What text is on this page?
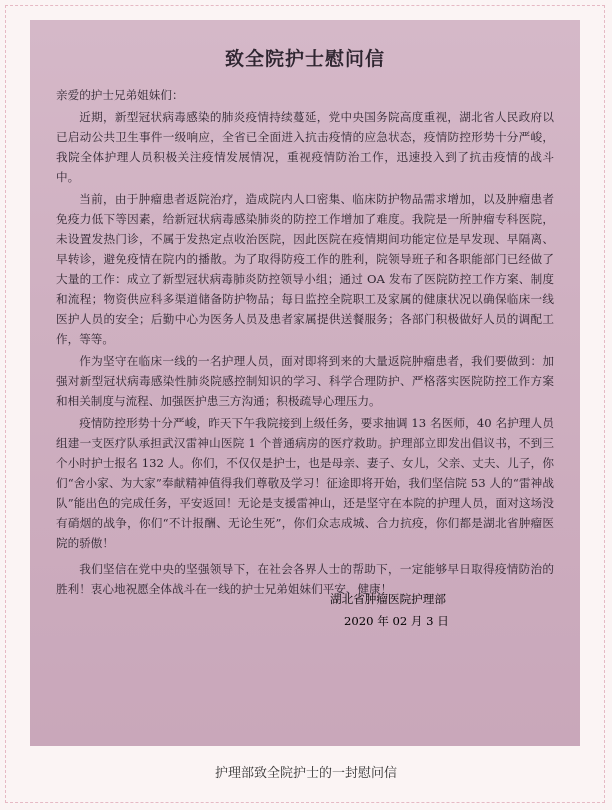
致全院护士慰问信

亲爱的护士兄弟姐妹们：

近期，新型冠状病毒感染的肺炎疫情持续蔓延，党中央国务院高度重视，湖北省人民政府以已启动公共卫生事件一级响应，全省已全面进入抗击疫情的应急状态，疫情防控形势十分严峻，我院全体护理人员积极关注疫情发展情况，重视疫情防治工作，迅速投入到了抗击疫情的战斗中。

当前，由于肿瘤患者返院治疗，造成院内人口密集、临床防护物品需求增加，以及肿瘤患者免疫力低下等因素，给新冠状病毒感染肺炎的防控工作增加了难度。我院是一所肿瘤专科医院，未设置发热门诊，不属于发热定点收治医院，因此医院在疫情期间功能定位是早发现、早隔离、早转诊，避免疫情在院内的播散。为了取得防疫工作的胜利，院领导班子和各职能部门已经做了大量的工作：成立了新型冠状病毒肺炎防控领导小组；通过 OA 发布了医院防控工作方案、制度和流程；物资供应科多渠道储备防护物品；每日监控全院职工及家属的健康状况以确保临床一线医护人员的安全；后勤中心为医务人员及患者家属提供送餐服务；各部门积极做好人员的调配工作，等等。

作为坚守在临床一线的一名护理人员，面对即将到来的大量返院肿瘤患者，我们要做到：加强对新型冠状病毒感染性肺炎院感控制知识的学习、科学合理防护、严格落实医院防控工作方案和相关制度与流程、加强医护患三方沟通；积极疏导心理压力。

疫情防控形势十分严峻，昨天下午我院接到上级任务，要求抽调 13 名医师，40 名护理人员组建一支医疗队承担武汉雷神山医院 1 个普通病房的医疗救助。护理部立即发出倡议书，不到三个小时护士报名 132 人。你们，不仅仅是护士，也是母亲、妻子、女儿，父亲、丈夫、儿子，你们“舍小家、为大家”奉献精神值得我们尊敬及学习！征途即将开始，我们坚信院 53 人的“雷神战队”能出色的完成任务，平安返回！无论是支援雷神山，还是坚守在本院的护理人员，面对这场没有硝烟的战争，你们“不计报酬、无论生死”，你们众志成城、合力抗疫，你们都是湖北省肿瘤医院的骄傲！

我们坚信在党中央的坚强领导下，在社会各界人士的帮助下，一定能够早日取得疫情防治的胜利！衷心地祝愿全体战斗在一线的护士兄弟姐妹们平安、健康！

湖北省肿瘤医院护理部
2020 年 02 月 3 日
护理部致全院护士的一封慰问信
